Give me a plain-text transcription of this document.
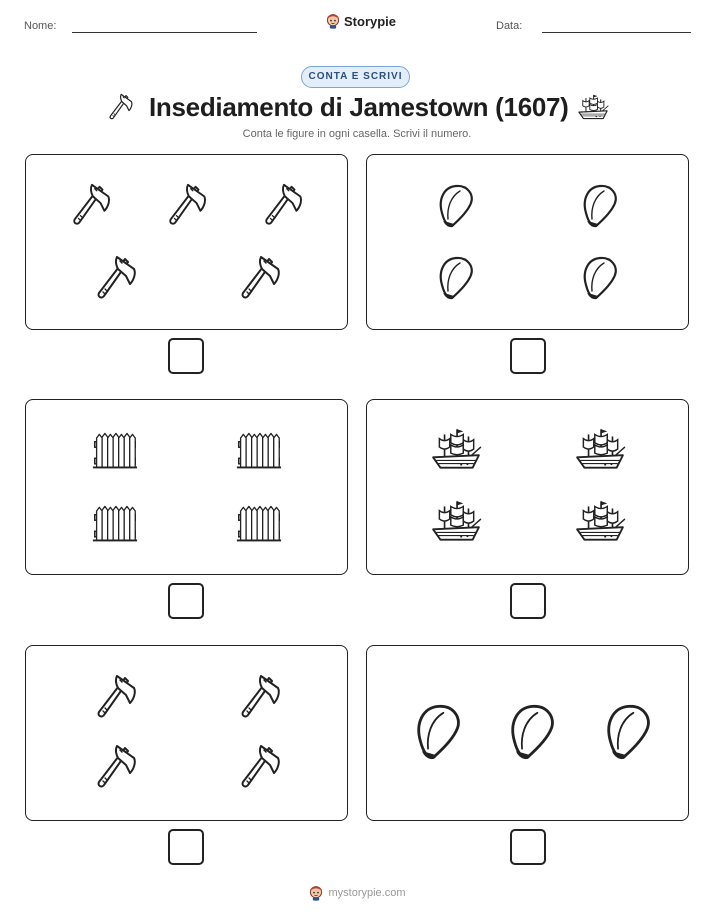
Nome:	Storypie	Data:
CONTA E SCRIVI
Insediamento di Jamestown (1607)
Conta le figure in ogni casella. Scrivi il numero.
mystorypie.com
